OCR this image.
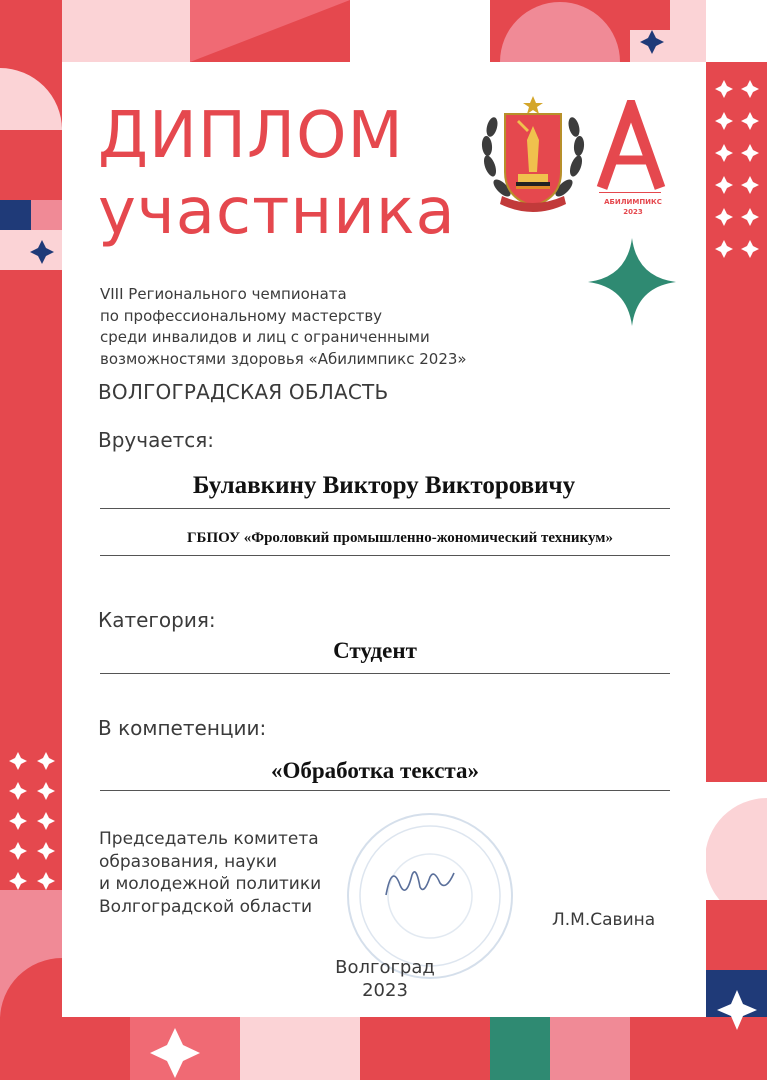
ДИПЛОМ
участника	АБИЛИМПИКС
2023
VIII Регионального чемпионата
по профессиональному мастерству
среди инвалидов и лиц с ограниченными
возможностями здоровья «Абилимпикс 2023»
ВОЛГОГРАДСКАЯ ОБЛАСТЬ
Вручается:
Булавкину Виктору Викторовичу
ГБПОУ «Фроловкий промышленно-жономический техникум»
Категория:
Студент
В компетенции:
«Обработка текста»
Председатель комитета
образования, науки
и молодежной политики
Волгоградской области
Л.М.Савина
Волгоград
2023
